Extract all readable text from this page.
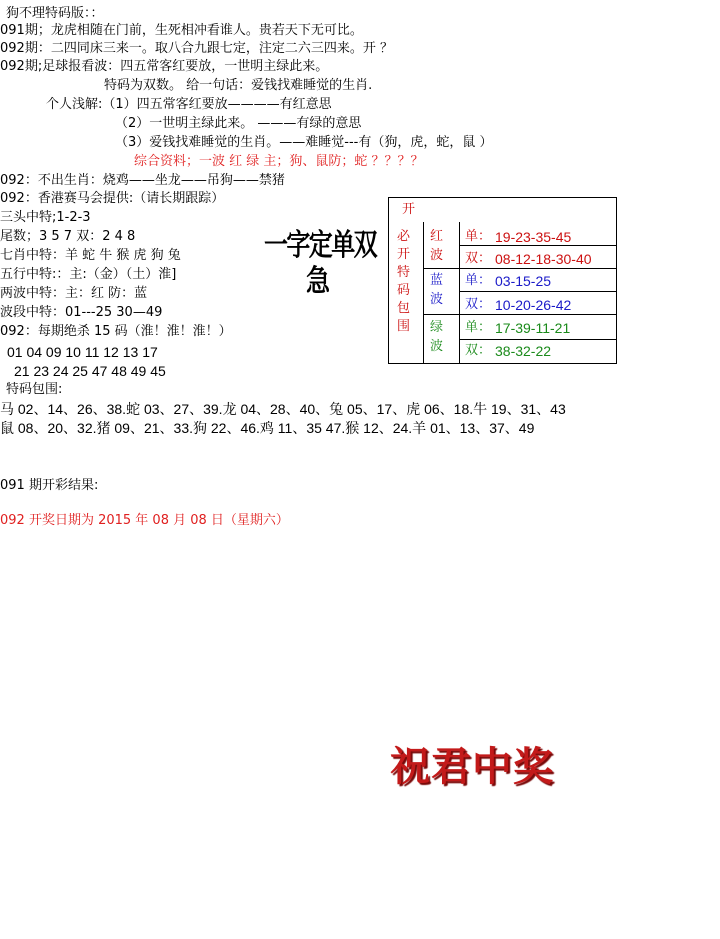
狗不理特码版：：
091期；龙虎相随在门前，生死相冲看谁人。贵若天下无可比。
092期：二四同床三来一。取八合九跟七定，注定二六三四来。开 ？
092期;足球报看波：四五常客红要放，一世明主绿此来。
特码为双数。 给一句话：爱钱找难睡觉的生肖.
个人浅解:（1）四五常客红要放————有红意思
（2）一世明主绿此来。 ———有绿的意思
（3）爱钱找难睡觉的生肖。——难睡觉---有（狗，虎，蛇，鼠 ）
综合资料；一波 红 绿 主；狗、鼠防；蛇 ？？？？
092：不出生肖：烧鸡——坐龙——吊狗——禁猪
092：香港赛马会提供:（请长期跟踪）
三头中特;1-2-3
尾数；3 5 7 双：2 4 8
七肖中特：羊 蛇 牛 猴 虎 狗 兔
五行中特:：主:（金）（土）淮]
两波中特：主：红 防：蓝
波段中特：01---25 30—49
092：每期绝杀 15 码（淮！淮！淮！）
01 04 09 10 11 12 13 17
21 23 24 25 47 48 49 45
特码包围:
马 02、14、26、38.蛇 03、27、39.龙 04、28、40、兔 05、17、虎 06、18.牛 19、31、43
鼠 08、20、32.猪 09、21、33.狗 22、46.鸡 11、35 47.猴 12、24.羊 01、13、37、49
091 期开彩结果:
092 开奖日期为 2015 年 08 月 08 日（星期六）
一字定单双
急
开
必
开
特
码
包
围
红
波
蓝
波
绿
波
单： 19-23-35-45
双： 08-12-18-30-40
单： 03-15-25
双： 10-20-26-42
单： 17-39-11-21
双： 38-32-22
祝君中奖
